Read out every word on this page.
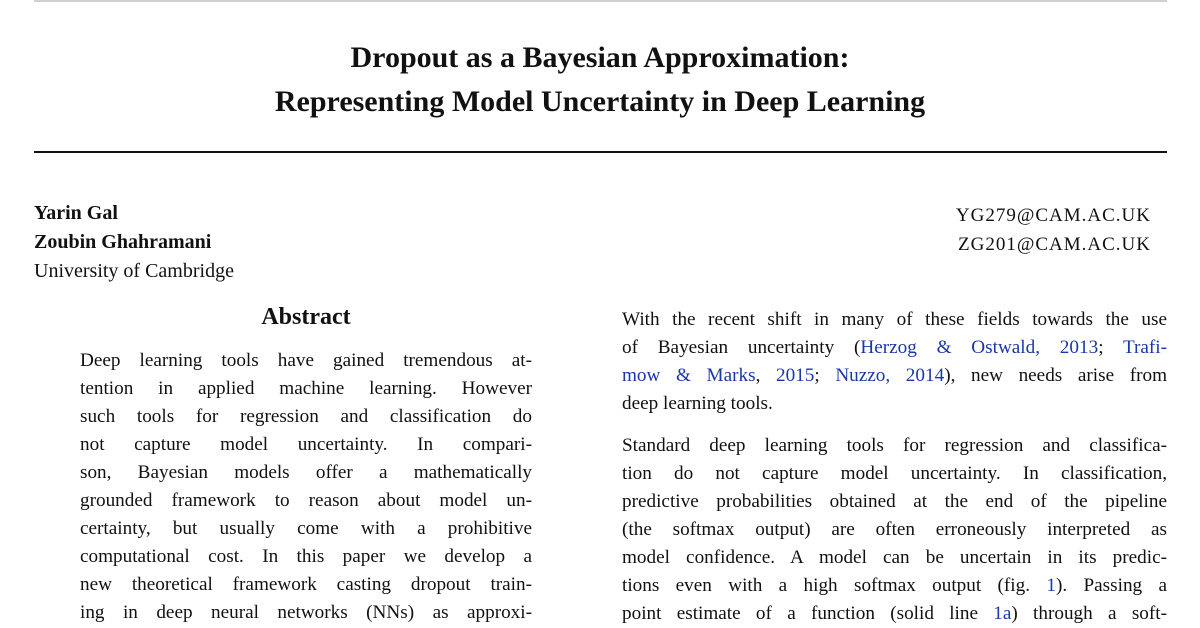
Dropout as a Bayesian Approximation:
Representing Model Uncertainty in Deep Learning
Yarin Gal
Zoubin Ghahramani
University of Cambridge
YG279@CAM.AC.UK
ZG201@CAM.AC.UK
Abstract
Deep learning tools have gained tremendous at-
tention in applied machine learning. However
such tools for regression and classification do
not capture model uncertainty. In compari-
son, Bayesian models offer a mathematically
grounded framework to reason about model un-
certainty, but usually come with a prohibitive
computational cost. In this paper we develop a
new theoretical framework casting dropout train-
ing in deep neural networks (NNs) as approxi-

With the recent shift in many of these fields towards the use
of Bayesian uncertainty (Herzog & Ostwald, 2013; Trafi-
mow & Marks, 2015; Nuzzo, 2014), new needs arise from
deep learning tools.

Standard deep learning tools for regression and classifica-
tion do not capture model uncertainty. In classification,
predictive probabilities obtained at the end of the pipeline
(the softmax output) are often erroneously interpreted as
model confidence. A model can be uncertain in its predic-
tions even with a high softmax output (fig. 1). Passing a
point estimate of a function (solid line 1a) through a soft-
